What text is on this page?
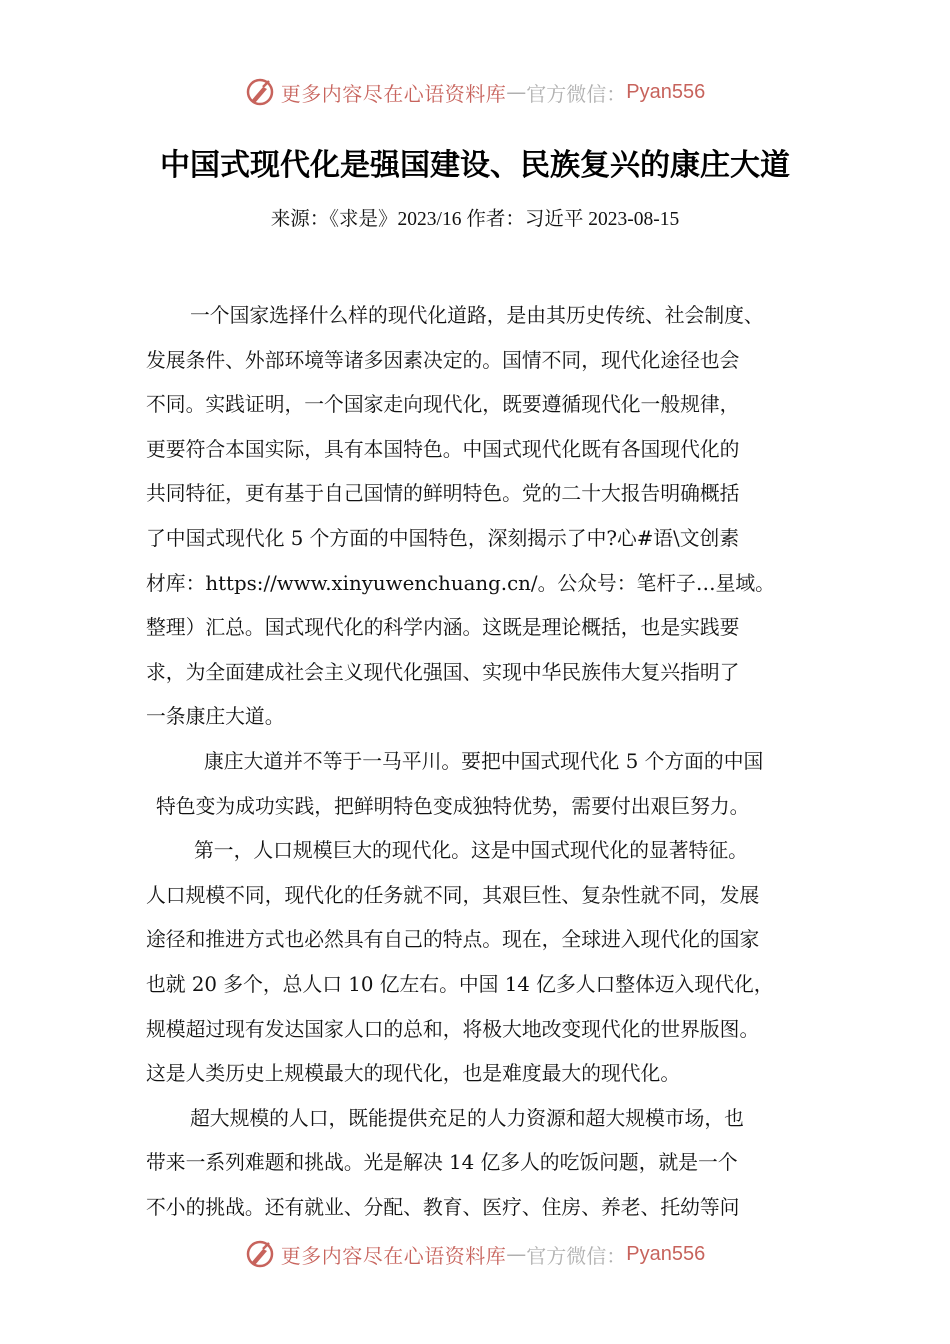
更多内容尽在心语资料库 — 官方微信： Pyan556
中国式现代化是强国建设、民族复兴的康庄大道
来源：《求是》2023/16 作者：习近平 2023-08-15
一个国家选择什么样的现代化道路，是由其历史传统、社会制度、
发展条件、外部环境等诸多因素决定的。国情不同，现代化途径也会
不同。实践证明，一个国家走向现代化，既要遵循现代化一般规律，
更要符合本国实际，具有本国特色。中国式现代化既有各国现代化的
共同特征，更有基于自己国情的鲜明特色。党的二十大报告明确概括
了中国式现代化 5 个方面的中国特色，深刻揭示了中?心#语\文创素
材库：https://www.xinyuwenchuang.cn/。公众号：笔杆子…星域。
整理）汇总。国式现代化的科学内涵。这既是理论概括，也是实践要
求，为全面建成社会主义现代化强国、实现中华民族伟大复兴指明了
一条康庄大道。
康庄大道并不等于一马平川。要把中国式现代化 5 个方面的中国
特色变为成功实践，把鲜明特色变成独特优势，需要付出艰巨努力。
第一，人口规模巨大的现代化。这是中国式现代化的显著特征。
人口规模不同，现代化的任务就不同，其艰巨性、复杂性就不同，发展
途径和推进方式也必然具有自己的特点。现在，全球进入现代化的国家
也就 20 多个，总人口 10 亿左右。中国 14 亿多人口整体迈入现代化，
规模超过现有发达国家人口的总和，将极大地改变现代化的世界版图。
这是人类历史上规模最大的现代化，也是难度最大的现代化。
超大规模的人口，既能提供充足的人力资源和超大规模市场，也
带来一系列难题和挑战。光是解决 14 亿多人的吃饭问题，就是一个
不小的挑战。还有就业、分配、教育、医疗、住房、养老、托幼等问
更多内容尽在心语资料库 — 官方微信： Pyan556
